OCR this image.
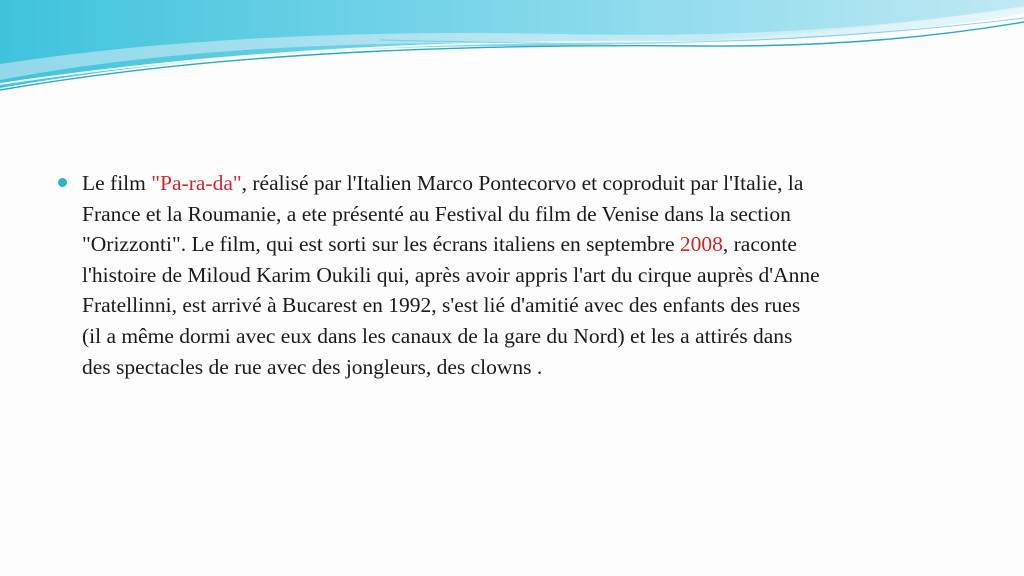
Le film "Pa-ra-da", réalisé par l'Italien Marco Pontecorvo et coproduit par l'Italie, la
France et la Roumanie, a ete présenté au Festival du film de Venise dans la section
"Orizzonti". Le film, qui est sorti sur les écrans italiens en septembre 2008, raconte
l'histoire de Miloud Karim Oukili qui, après avoir appris l'art du cirque auprès d'Anne
Fratellinni, est arrivé à Bucarest en 1992, s'est lié d'amitié avec des enfants des rues
(il a même dormi avec eux dans les canaux de la gare du Nord) et les a attirés dans
des spectacles de rue avec des jongleurs, des clowns .
